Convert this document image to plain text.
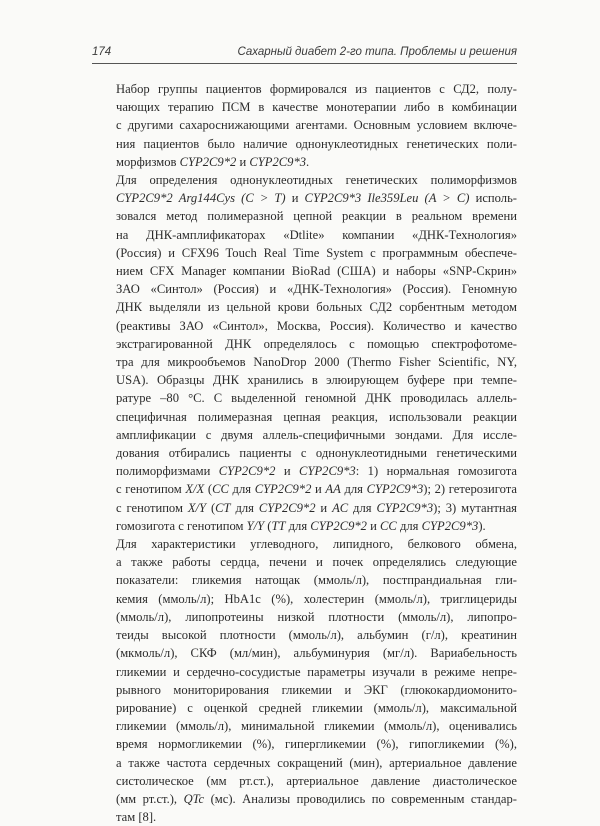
174	Сахарный диабет 2-го типа. Проблемы и решения
Набор группы пациентов формировался из пациентов с СД2, полу-
чающих терапию ПСМ в качестве монотерапии либо в комбинации
с другими сахароснижающими агентами. Основным условием включе-
ния пациентов было наличие однонуклеотидных генетических поли-
морфизмов CYP2C9*2 и CYP2C9*3.
Для определения однонуклеотидных генетических полиморфизмов
CYP2C9*2 Arg144Cys (C > T) и CYP2C9*3 Ile359Leu (A > C) исполь-
зовался метод полимеразной цепной реакции в реальном времени
на ДНК-амплификаторах «Dtlite» компании «ДНК-Технология»
(Россия) и CFX96 Touch Real Time System с программным обеспече-
нием CFX Manager компании BioRad (США) и наборы «SNP-Скрин»
ЗАО «Синтол» (Россия) и «ДНК-Технология» (Россия). Геномную
ДНК выделяли из цельной крови больных СД2 сорбентным методом
(реактивы ЗАО «Синтол», Москва, Россия). Количество и качество
экстрагированной ДНК определялось с помощью спектрофотоме-
тра для микрообъемов NanoDrop 2000 (Thermo Fisher Scientific, NY,
USA). Образцы ДНК хранились в элюирующем буфере при темпе-
ратуре –80 °C. С выделенной геномной ДНК проводилась аллель-
специфичная полимеразная цепная реакция, использовали реакции
амплификации с двумя аллель-специфичными зондами. Для иссле-
дования отбирались пациенты с однонуклеотидными генетическими
полиморфизмами CYP2C9*2 и CYP2C9*3: 1) нормальная гомозигота
с генотипом X/X (CC для CYP2C9*2 и AA для CYP2C9*3); 2) гетерозигота
с генотипом X/Y (CT для CYP2C9*2 и AC для CYP2C9*3); 3) мутантная
гомозигота с генотипом Y/Y (TT для CYP2C9*2 и CC для CYP2C9*3).
Для характеристики углеводного, липидного, белкового обмена,
а также работы сердца, печени и почек определялись следующие
показатели: гликемия натощак (ммоль/л), постпрандиальная гли-
кемия (ммоль/л); HbA1c (%), холестерин (ммоль/л), триглицериды
(ммоль/л), липопротеины низкой плотности (ммоль/л), липопро-
теиды высокой плотности (ммоль/л), альбумин (г/л), креатинин
(мкмоль/л), СКФ (мл/мин), альбуминурия (мг/л). Вариабельность
гликемии и сердечно-сосудистые параметры изучали в режиме непре-
рывного мониторирования гликемии и ЭКГ (глюкокардиомонито-
рирование) с оценкой средней гликемии (ммоль/л), максимальной
гликемии (ммоль/л), минимальной гликемии (ммоль/л), оценивались
время нормогликемии (%), гипергликемии (%), гипогликемии (%),
а также частота сердечных сокращений (мин), артериальное давление
систолическое (мм рт.ст.), артериальное давление диастолическое
(мм рт.ст.), QTc (мс). Анализы проводились по современным стандар-
там [8].
